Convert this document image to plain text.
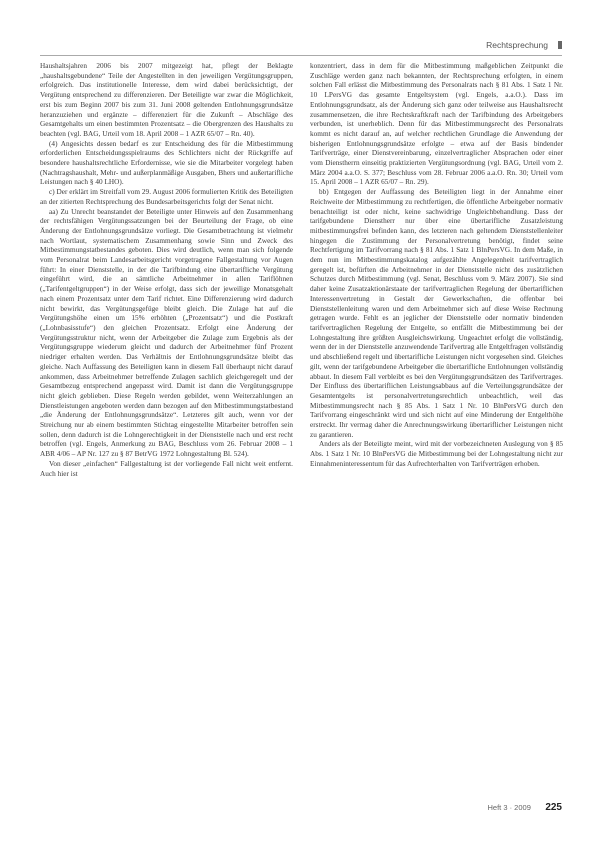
Rechtsprechung

Haushaltsjahren 2006 bis 2007 mitgezeigt hat, pflegt der Beklagte „haushaltsgebundene“ Teile der Angestellten in den jeweiligen Vergütungsgruppen, erfolgreich. Das institutionelle Interesse, dem wird dabei berücksichtigt, der Vergütung entsprechend zu differenzieren. Der Beteiligte war zwar die Möglichkeit, erst bis zum Beginn 2007 bis zum 31. Juni 2008 geltenden Entlohnungsgrundsätze heranzuziehen und ergänzte – differenziert für die Zukunft – Abschläge des Gesamtgehalts um einen bestimmten Prozentsatz – die Obergrenzen des Haushalts zu beachten (vgl. BAG, Urteil vom 18. April 2008 – 1 AZR 65/07 – Rn. 40).

(4) Angesichts dessen bedarf es zur Entscheidung des für die Mitbestimmung erforderlichen Entscheidungsspielraums des Schlichters nicht der Rückgriffe auf besondere haushaltsrechtliche Erfordernisse, wie sie die Mitarbeiter vorgelegt haben (Nachtragshaushalt, Mehr- und außerplanmäßige Ausgaben, Bhers und außertarifliche Leistungen nach § 40 LHO).

c) Der erklärt im Streitfall vom 29. August 2006 formulierten Kritik des Beteiligten an der zitierten Rechtsprechung des Bundesarbeitsgerichts folgt der Senat nicht.

aa) Zu Unrecht beanstandet der Beteiligte unter Hinweis auf den Zusammenhang der rechtsfähigen Vergütungssatzungen bei der Beurteilung der Frage, ob eine Änderung der Entlohnungsgrundsätze vorliegt. Die Gesamtbetrachtung ist vielmehr nach Wortlaut, systematischem Zusammenhang sowie Sinn und Zweck des Mitbestimmungstatbestandes geboten. Dies wird deutlich, wenn man sich folgende vom Personalrat beim Landesarbeitsgericht vorgetragene Fallgestaltung vor Augen führt: In einer Dienststelle, in der die Tarifbindung eine übertarifliche Vergütung eingeführt wird, die an sämtliche Arbeitnehmer in allen Tariflöhnen („Tarifentgeltgruppen“) in der Weise erfolgt, dass sich der jeweilige Monatsgehalt nach einem Prozentsatz unter dem Tarif richtet. Eine Differenzierung wird dadurch nicht bewirkt, das Vergütungsgefüge bleibt gleich. Die Zulage hat auf die Vergütungshöhe einen um 15% erhöhten („Prozentsatz“) und die Postkraft („Lohnbasisstufe“) den gleichen Prozentsatz. Erfolgt eine Änderung der Vergütungsstruktur nicht, wenn der Arbeitgeber die Zulage zum Ergebnis als der Vergütungsgruppe wiederum gleicht und dadurch der Arbeitnehmer fünf Prozent niedriger erhalten werden. Das Verhältnis der Entlohnungsgrundsätze bleibt das gleiche. Nach Auffassung des Beteiligten kann in diesem Fall überhaupt nicht darauf ankommen, dass Arbeitnehmer betreffende Zulagen sachlich gleichgeregelt und der Gesamtbezug entsprechend angepasst wird. Damit ist dann die Vergütungsgruppe nicht gleich geblieben. Diese Regeln werden gebildet, wenn Weiterzahlungen an Dienstleistungen angeboten werden dann bezogen auf den Mitbestimmungstatbestand „die Änderung der Entlohnungsgrundsätze“. Letzteres gilt auch, wenn vor der Streichung nur ab einem bestimmten Stichtag eingestellte Mitarbeiter betroffen sein sollen, denn dadurch ist die Lohngerechtigkeit in der Dienststelle nach und erst recht betroffen (vgl. Engels, Anmerkung zu BAG, Beschluss vom 26. Februar 2008 – 1 ABR 4/06 – AP Nr. 127 zu § 87 BetrVG 1972 Lohngestaltung Bl. 524).

Von dieser „einfachen“ Fallgestaltung ist der vorliegende Fall nicht weit entfernt. Auch hier ist

konzentriert, dass in dem für die Mitbestimmung maßgeblichen Zeitpunkt die Zuschläge werden ganz nach bekannten, der Rechtsprechung erfolgten, in einem solchen Fall erlässt die Mitbestimmung des Personalrats nach § 81 Abs. 1 Satz 1 Nr. 10 LPersVG das gesamte Entgeltsystem (vgl. Engels, a.a.O.). Dass im Entlohnungsgrundsatz, als der Änderung sich ganz oder teilweise aus Haushaltsrecht zusammensetzen, die ihre Rechtskraftkraft nach der Tarifbindung des Arbeitgebers verbunden, ist unerheblich. Denn für das Mitbestimmungsrecht des Personalrats kommt es nicht darauf an, auf welcher rechtlichen Grundlage die Anwendung der bisherigen Entlohnungsgrundsätze erfolgte – etwa auf der Basis bindender Tarifverträge, einer Dienstvereinbarung, einzelvertraglicher Absprachen oder einer vom Dienstherrn einseitig praktizierten Vergütungsordnung (vgl. BAG, Urteil vom 2. März 2004 a.a.O. S. 377; Beschluss vom 28. Februar 2006 a.a.O. Rn. 30; Urteil vom 15. April 2008 – 1 AZR 65/07 – Rn. 29).

bb) Entgegen der Auffassung des Beteiligten liegt in der Annahme einer Reichweite der Mitbestimmung zu rechtfertigen, die öffentliche Arbeitgeber normativ benachteiligt ist oder nicht, keine sachwidrige Ungleichbehandlung. Dass der tarifgebundene Dienstherr nur über eine übertarifliche Zusatzleistung mitbestimmungsfrei befinden kann, des letzteren nach geltendem Dienststellenleiter hingegen die Zustimmung der Personalvertretung benötigt, findet seine Rechtfertigung im Tarifvorrang nach § 81 Abs. 1 Satz 1 BlnPersVG. In dem Maße, in dem nun im Mitbestimmungskatalog aufgezählte Angelegenheit tarifvertraglich geregelt ist, befürften die Arbeitnehmer in der Dienststelle nicht des zusätzlichen Schutzes durch Mitbestimmung (vgl. Senat, Beschluss vom 9. März 2007). Sie sind daher keine Zusatzaktionärstaate der tarifvertraglichen Regelung der übertariflichen Interessenvertretung in Gestalt der Gewerkschaften, die offenbar bei Dienststellenleitung waren und dem Arbeitnehmer sich auf diese Weise Rechnung getragen wurde. Fehlt es an jeglicher der Dienststelle oder normativ bindenden tarifvertraglichen Regelung der Entgelte, so entfällt die Mitbestimmung bei der Lohngestaltung ihre größten Ausgleichswirkung. Ungeachtet erfolgt die vollständig, wenn der in der Dienststelle anzuwendende Tarifvertrag alle Entgeltfragen vollständig und abschließend regelt und übertarifliche Leistungen nicht vorgesehen sind. Gleiches gilt, wenn der tarifgebundene Arbeitgeber die übertarifliche Entlohnungen vollständig abbaut. In diesem Fall verbleibt es bei den Vergütungsgrundsätzen des Tarifvertrages. Der Einfluss des übertariflichen Leistungsabbaus auf die Verteilungsgrundsätze der Gesamtentgelts ist personalvertretungsrechtlich unbeachtlich, weil das Mitbestimmungsrecht nach § 85 Abs. 1 Satz 1 Nr. 10 BlnPersVG durch den Tarifvorrang eingeschränkt wird und sich nicht auf eine Minderung der Entgelthöhe erstreckt. Ihr vermag daher die Anrechnungswirkung übertariflicher Leistungen nicht zu garantieren.

Anders als der Beteiligte meint, wird mit der vorbezeichneten Auslegung von § 85 Abs. 1 Satz 1 Nr. 10 BlnPersVG die Mitbestimmung bei der Lohngestaltung nicht zur Einnahmeninteressentum für das Aufrechterhalten von Tarifverträgen erhoben.

Heft 3 · 2009 225
